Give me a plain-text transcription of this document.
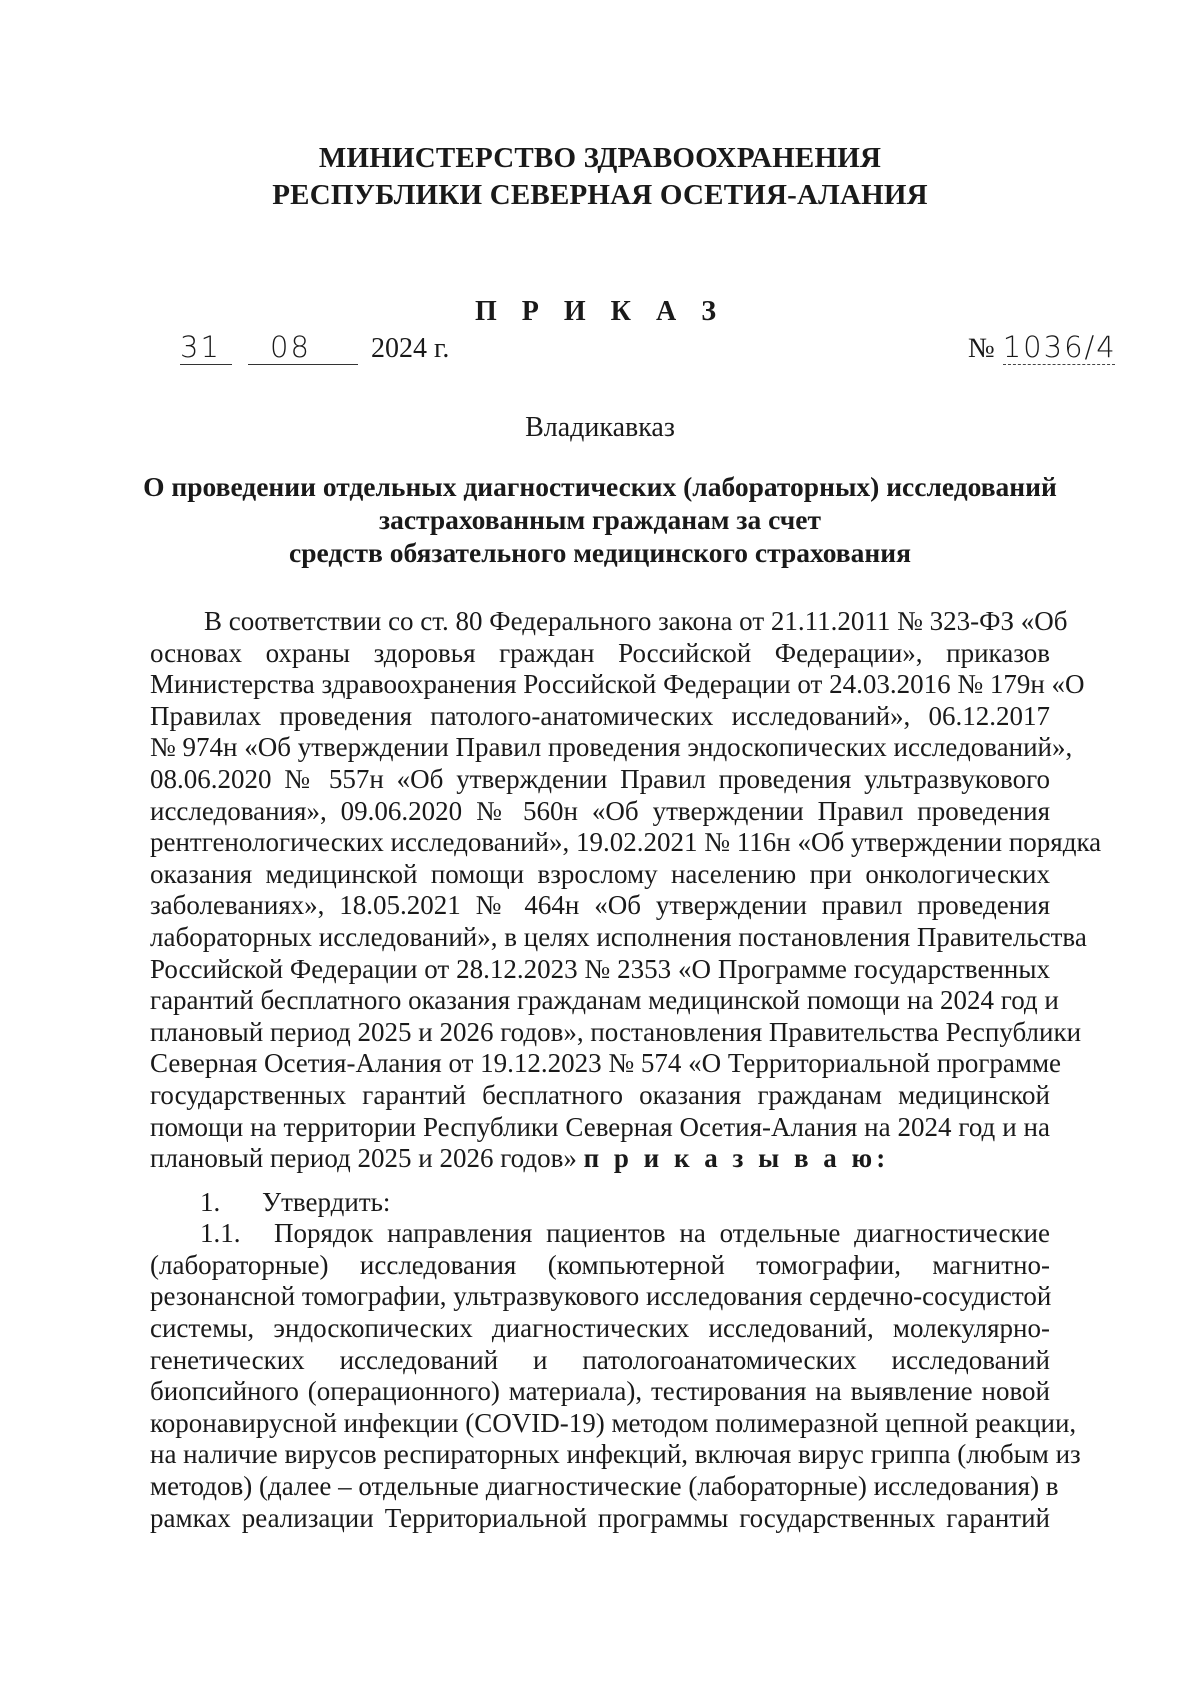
МИНИСТЕРСТВО ЗДРАВООХРАНЕНИЯ
РЕСПУБЛИКИ СЕВЕРНАЯ ОСЕТИЯ-АЛАНИЯ
П Р И К А З
31 08 2024 г.	№ 1036/4
Владикавказ
О проведении отдельных диагностических (лабораторных) исследований
застрахованным гражданам за счет
средств обязательного медицинского страхования
В соответствии со ст. 80 Федерального закона от 21.11.2011 № 323-ФЗ «Об
основах охраны здоровья граждан Российской Федерации», приказов
Министерства здравоохранения Российской Федерации от 24.03.2016 № 179н «О
Правилах проведения патолого-анатомических исследований», 06.12.2017
№ 974н «Об утверждении Правил проведения эндоскопических исследований»,
08.06.2020 № 557н «Об утверждении Правил проведения ультразвукового
исследования», 09.06.2020 № 560н «Об утверждении Правил проведения
рентгенологических исследований», 19.02.2021 № 116н «Об утверждении порядка
оказания медицинской помощи взрослому населению при онкологических
заболеваниях», 18.05.2021 № 464н «Об утверждении правил проведения
лабораторных исследований», в целях исполнения постановления Правительства
Российской Федерации от 28.12.2023 № 2353 «О Программе государственных
гарантий бесплатного оказания гражданам медицинской помощи на 2024 год и
плановый период 2025 и 2026 годов», постановления Правительства Республики
Северная Осетия-Алания от 19.12.2023 № 574 «О Территориальной программе
государственных гарантий бесплатного оказания гражданам медицинской
помощи на территории Республики Северная Осетия-Алания на 2024 год и на
плановый период 2025 и 2026 годов» п р и к а з ы в а ю:
1. Утвердить:
1.1. Порядок направления пациентов на отдельные диагностические
(лабораторные) исследования (компьютерной томографии, магнитно-
резонансной томографии, ультразвукового исследования сердечно-сосудистой
системы, эндоскопических диагностических исследований, молекулярно-
генетических исследований и патологоанатомических исследований
биопсийного (операционного) материала), тестирования на выявление новой
коронавирусной инфекции (COVID-19) методом полимеразной цепной реакции,
на наличие вирусов респираторных инфекций, включая вирус гриппа (любым из
методов) (далее – отдельные диагностические (лабораторные) исследования) в
рамках реализации Территориальной программы государственных гарантий
